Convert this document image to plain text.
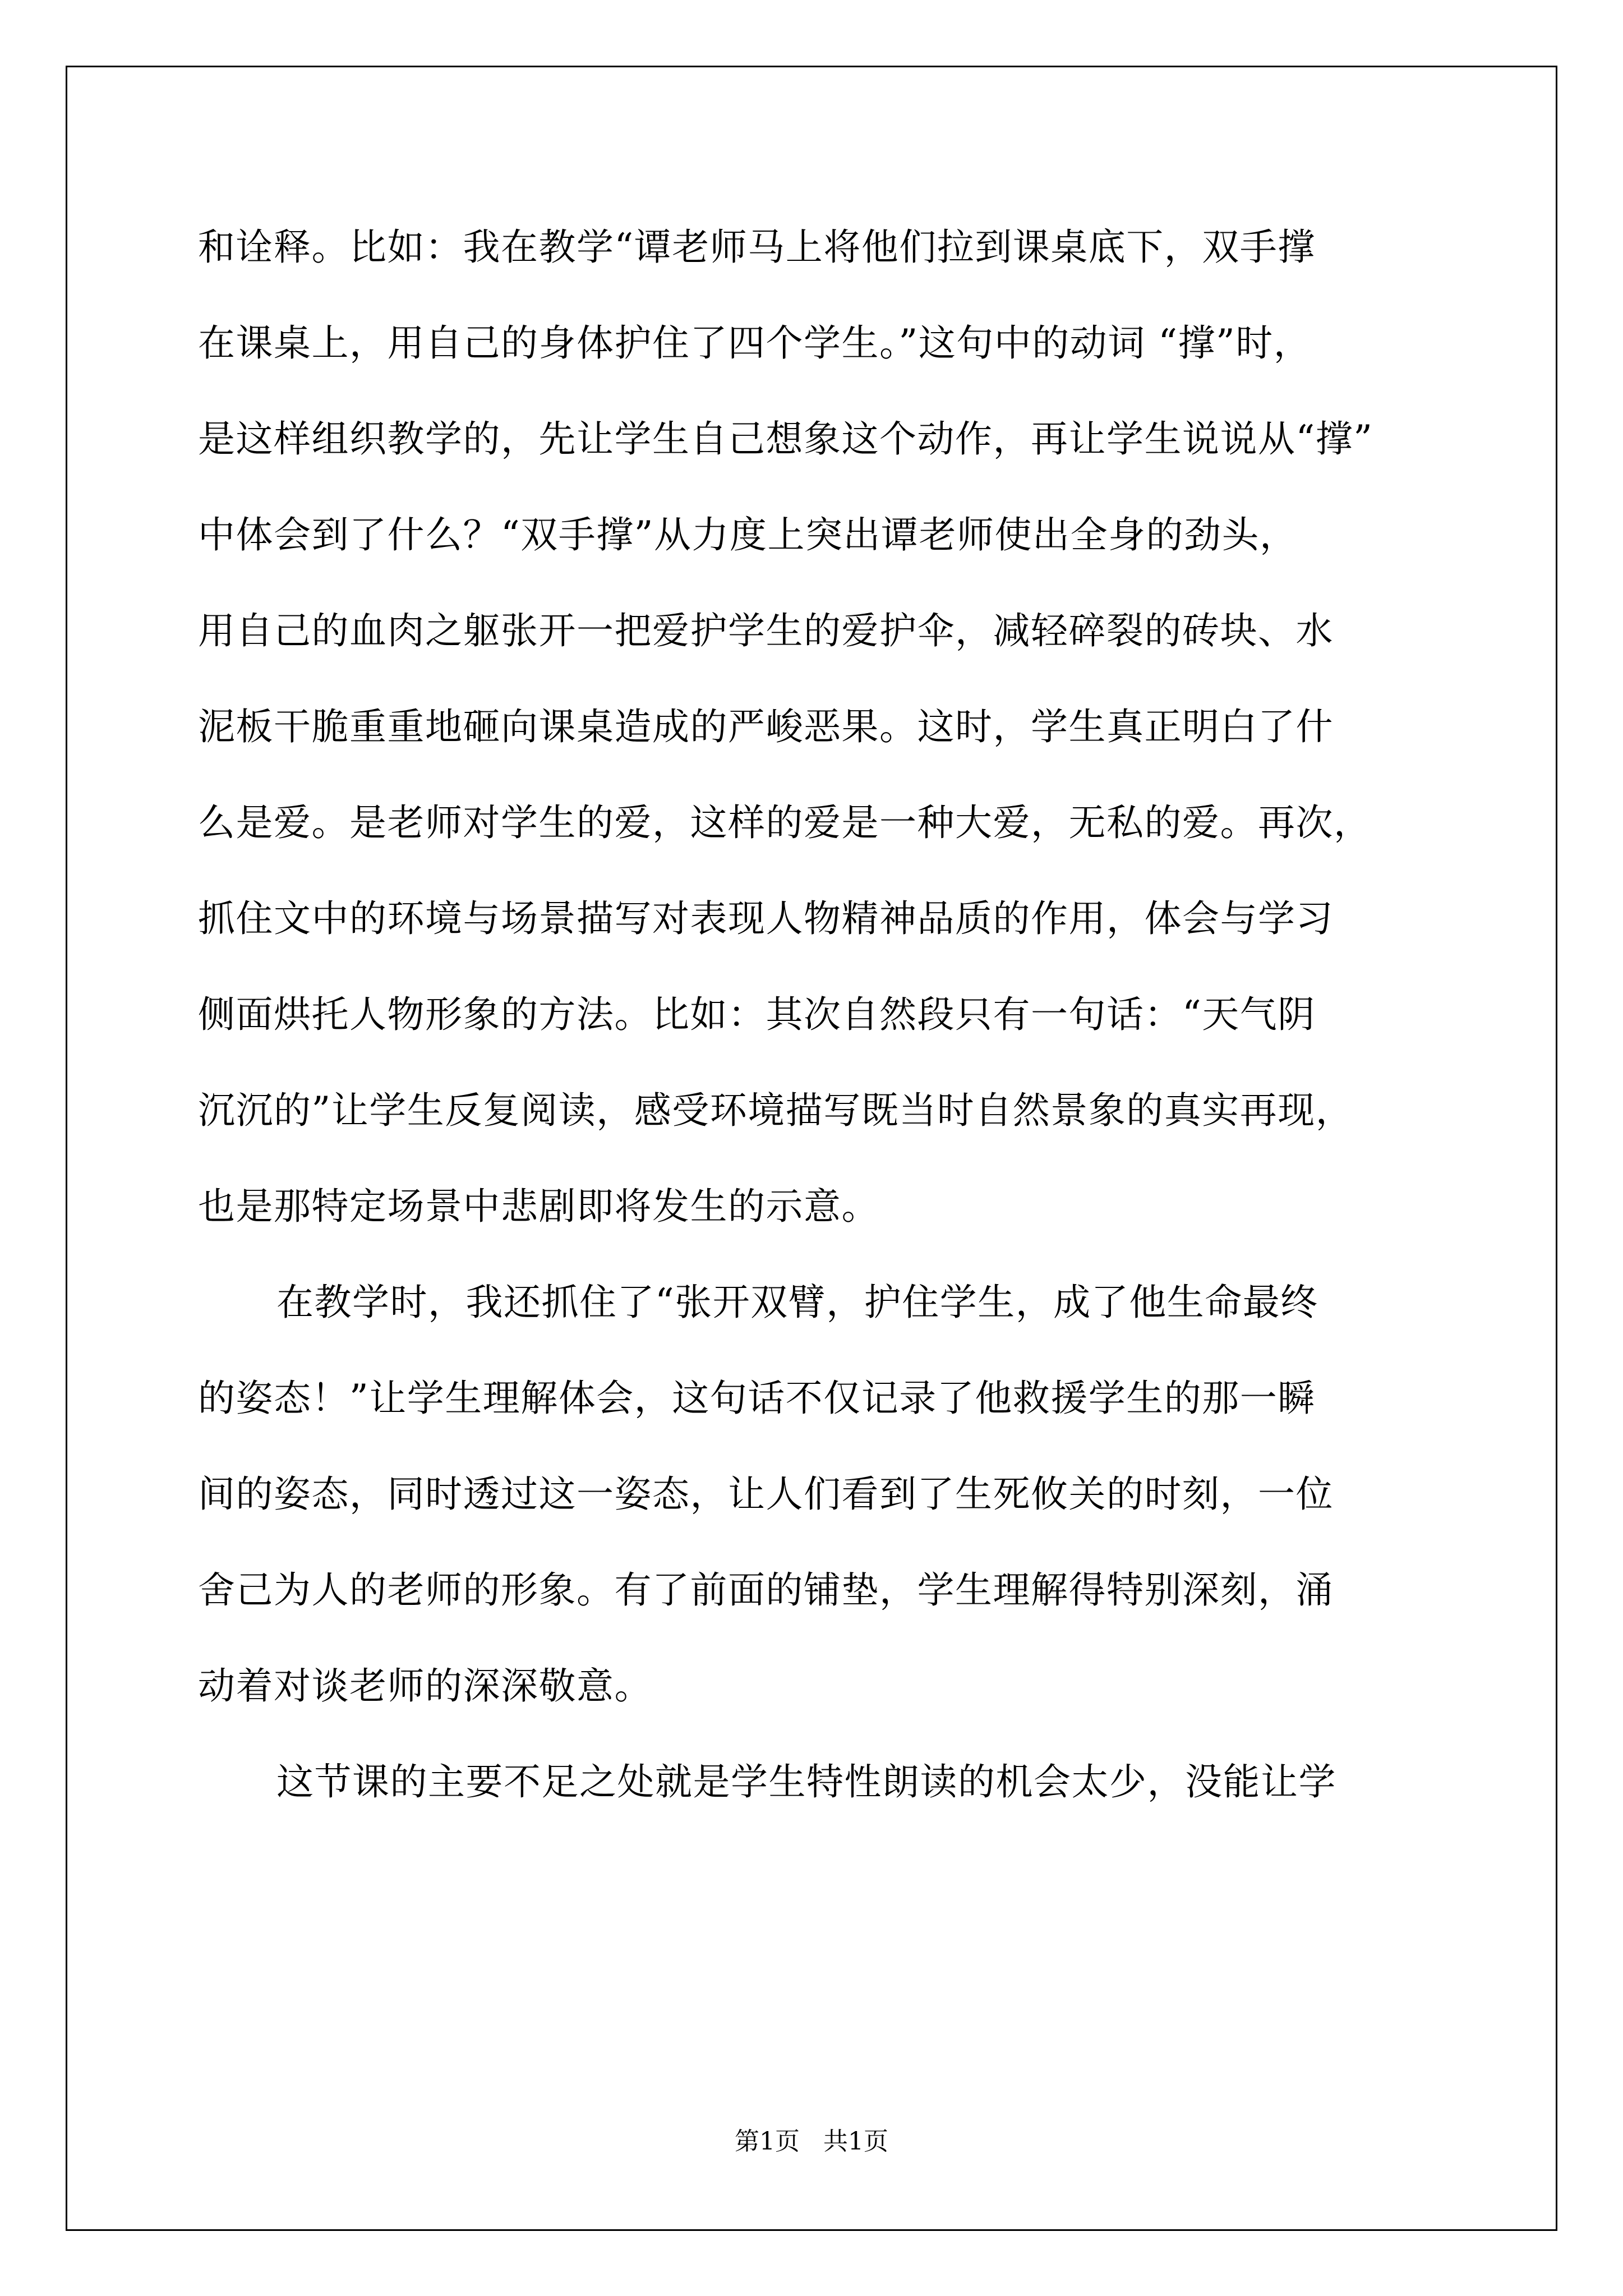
和诠释。比如：我在教学“谭老师马上将他们拉到课桌底下，双手撑
在课桌上，用自己的身体护住了四个学生。”这句中的动词 “撑”时，
是这样组织教学的，先让学生自己想象这个动作，再让学生说说从“撑”
中体会到了什么？“双手撑”从力度上突出谭老师使出全身的劲头，
用自己的血肉之躯张开一把爱护学生的爱护伞，减轻碎裂的砖块、水
泥板干脆重重地砸向课桌造成的严峻恶果。这时，学生真正明白了什
么是爱。是老师对学生的爱，这样的爱是一种大爱，无私的爱。再次，
抓住文中的环境与场景描写对表现人物精神品质的作用，体会与学习
侧面烘托人物形象的方法。比如：其次自然段只有一句话：“天气阴
沉沉的”让学生反复阅读，感受环境描写既当时自然景象的真实再现，
也是那特定场景中悲剧即将发生的示意。
在教学时，我还抓住了“张开双臂，护住学生，成了他生命最终
的姿态！”让学生理解体会，这句话不仅记录了他救援学生的那一瞬
间的姿态，同时透过这一姿态，让人们看到了生死攸关的时刻，一位
舍己为人的老师的形象。有了前面的铺垫，学生理解得特别深刻，涌
动着对谈老师的深深敬意。
这节课的主要不足之处就是学生特性朗读的机会太少，没能让学
第1页   共1页
